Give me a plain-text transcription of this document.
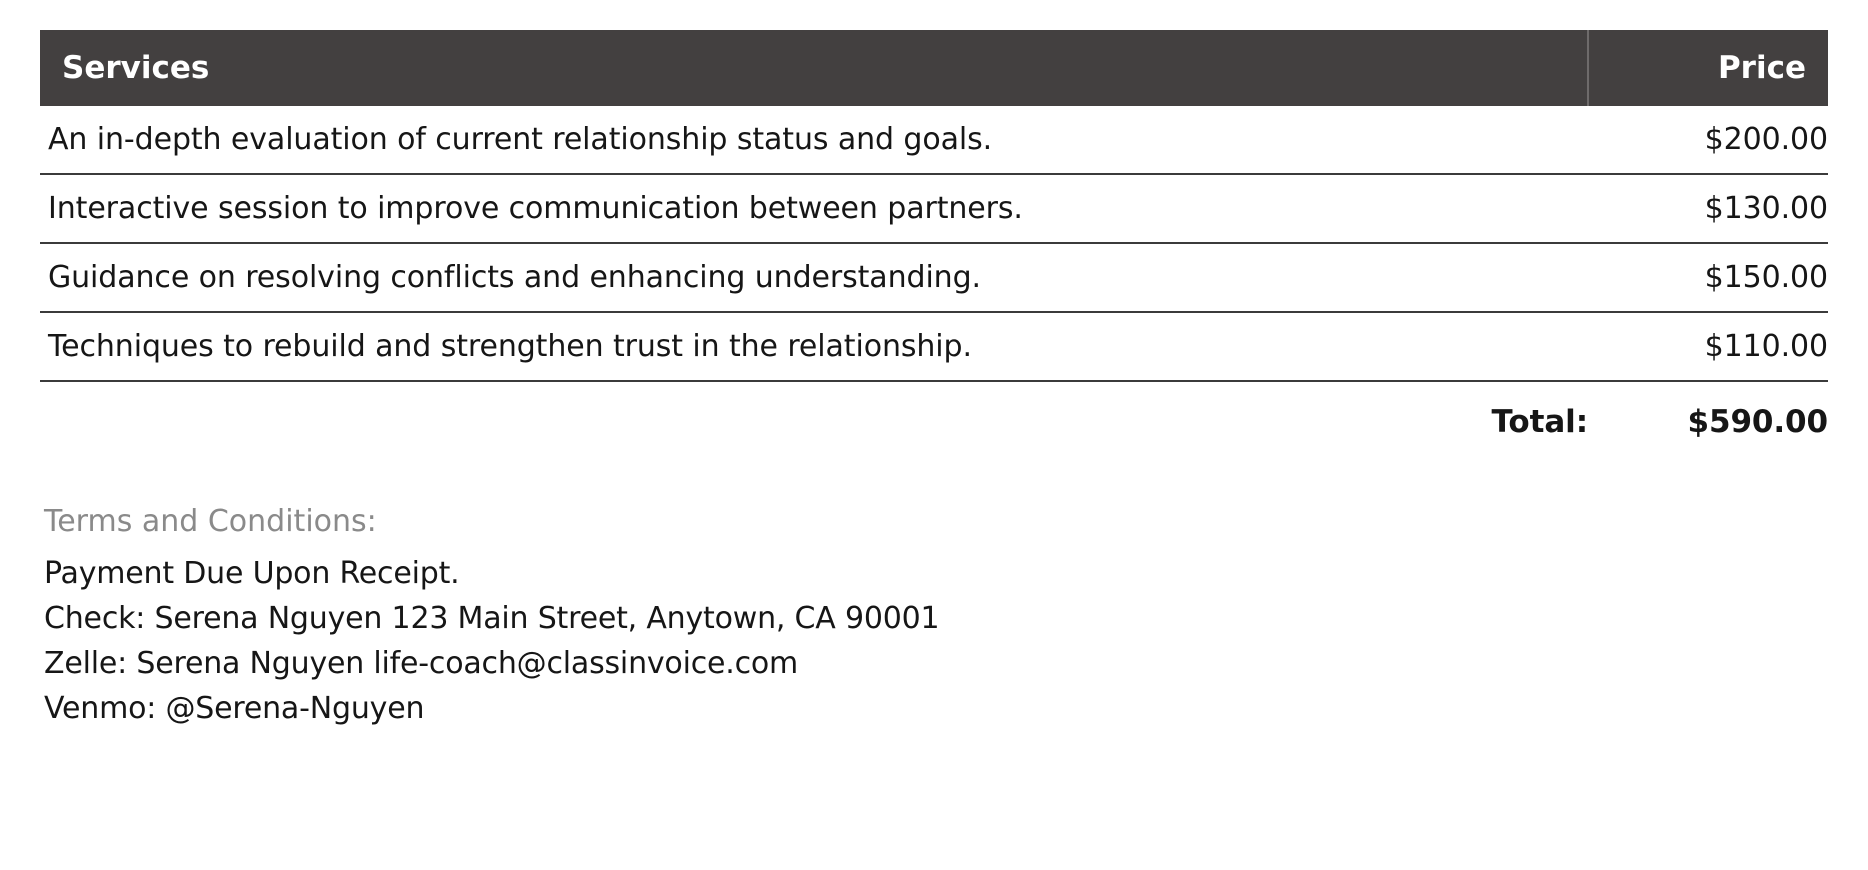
Services	Price
An in-depth evaluation of current relationship status and goals.	$200.00
Interactive session to improve communication between partners.	$130.00
Guidance on resolving conflicts and enhancing understanding.	$150.00
Techniques to rebuild and strengthen trust in the relationship.	$110.00
Total:	$590.00
Terms and Conditions:
Payment Due Upon Receipt.
Check: Serena Nguyen 123 Main Street, Anytown, CA 90001
Zelle: Serena Nguyen life-coach@classinvoice.com
Venmo: @Serena-Nguyen
